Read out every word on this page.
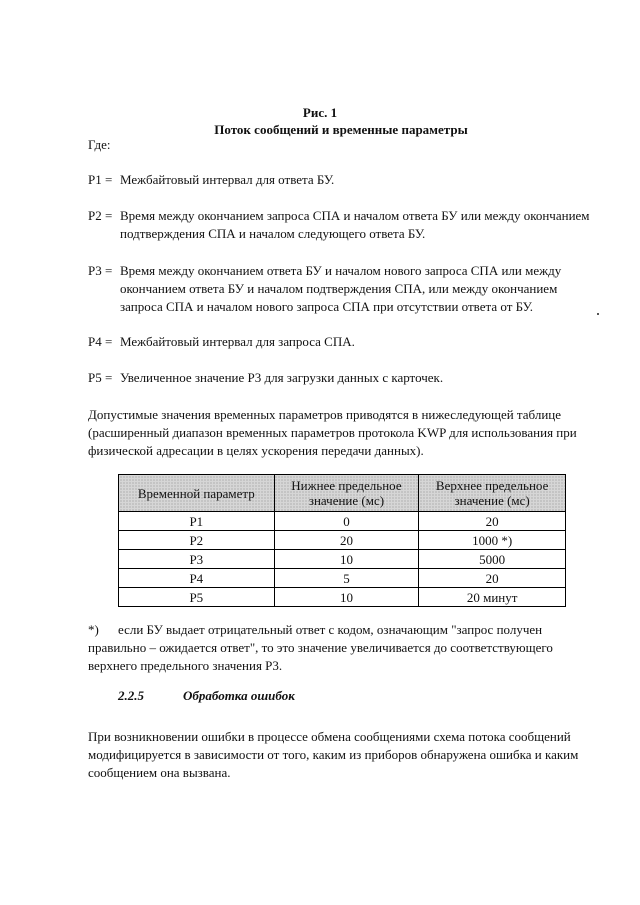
Рис. 1
Поток сообщений и временные параметры
Где:
P1 = Межбайтовый интервал для ответа БУ.
P2 = Время между окончанием запроса СПА и началом ответа БУ или между окончанием подтверждения СПА и началом следующего ответа БУ.
P3 = Время между окончанием ответа БУ и началом нового запроса СПА или между окончанием ответа БУ и началом подтверждения СПА, или между окончанием запроса СПА и началом нового запроса СПА при отсутствии ответа от БУ.
P4 = Межбайтовый интервал для запроса СПА.
P5 = Увеличенное значение P3 для загрузки данных с карточек.
Допустимые значения временных параметров приводятся в нижеследующей таблице (расширенный диапазон временных параметров протокола KWP для использования при физической адресации в целях ускорения передачи данных).
Временной параметр	Нижнее предельное значение (мс)	Верхнее предельное значение (мс)
P1	0	20
P2	20	1000 *)
P3	10	5000
P4	5	20
P5	10	20 минут
*)	если БУ выдает отрицательный ответ с кодом, означающим "запрос получен правильно – ожидается ответ", то это значение увеличивается до соответствующего верхнего предельного значения P3.
2.2.5	Обработка ошибок
При возникновении ошибки в процессе обмена сообщениями схема потока сообщений модифицируется в зависимости от того, каким из приборов обнаружена ошибка и каким сообщением она вызвана.
